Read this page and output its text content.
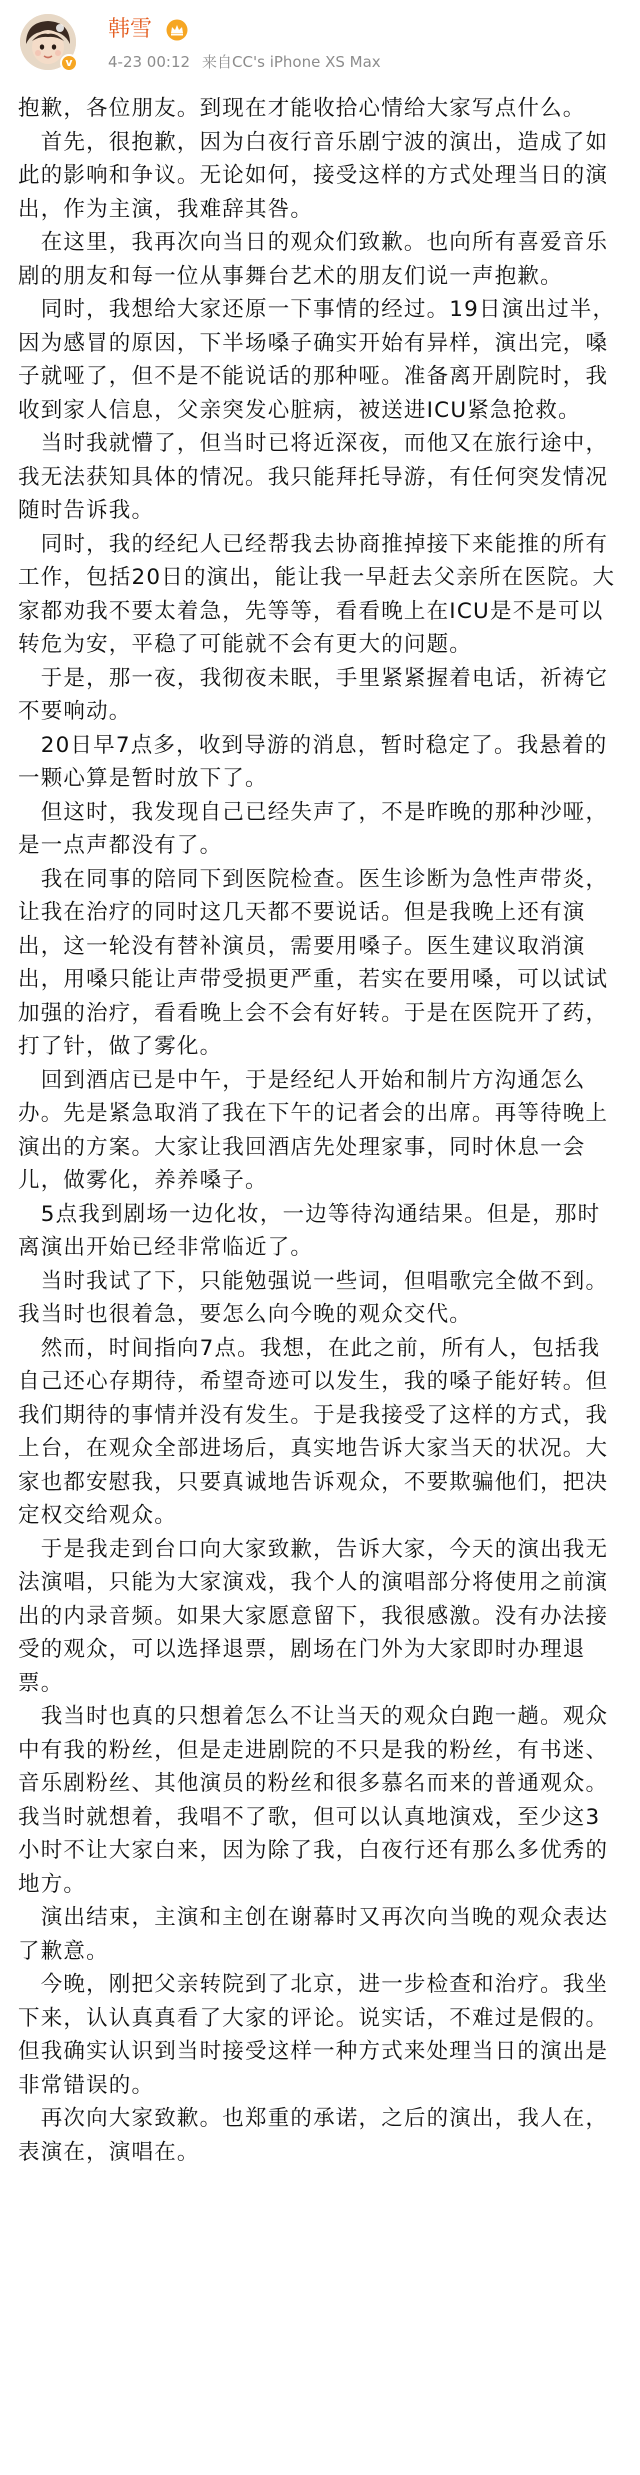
v
韩雪
4-23 00:12 来自CC's iPhone XS Max

抱歉，各位朋友。到现在才能收拾心情给大家写点什么。

　首先，很抱歉，因为白夜行音乐剧宁波的演出，造成了如此的影响和争议。无论如何，接受这样的方式处理当日的演出，作为主演，我难辞其咎。

　在这里，我再次向当日的观众们致歉。也向所有喜爱音乐剧的朋友和每一位从事舞台艺术的朋友们说一声抱歉。

　同时，我想给大家还原一下事情的经过。19日演出过半，因为感冒的原因，下半场嗓子确实开始有异样，演出完，嗓子就哑了，但不是不能说话的那种哑。准备离开剧院时，我收到家人信息，父亲突发心脏病，被送进ICU紧急抢救。

　当时我就懵了，但当时已将近深夜，而他又在旅行途中，我无法获知具体的情况。我只能拜托导游，有任何突发情况随时告诉我。

　同时，我的经纪人已经帮我去协商推掉接下来能推的所有工作，包括20日的演出，能让我一早赶去父亲所在医院。大家都劝我不要太着急，先等等，看看晚上在ICU是不是可以转危为安，平稳了可能就不会有更大的问题。

　于是，那一夜，我彻夜未眠，手里紧紧握着电话，祈祷它不要响动。

　20日早7点多，收到导游的消息，暂时稳定了。我悬着的一颗心算是暂时放下了。

　但这时，我发现自己已经失声了，不是昨晚的那种沙哑，是一点声都没有了。

　我在同事的陪同下到医院检查。医生诊断为急性声带炎，让我在治疗的同时这几天都不要说话。但是我晚上还有演出，这一轮没有替补演员，需要用嗓子。医生建议取消演出，用嗓只能让声带受损更严重，若实在要用嗓，可以试试加强的治疗，看看晚上会不会有好转。于是在医院开了药，打了针，做了雾化。

　回到酒店已是中午，于是经纪人开始和制片方沟通怎么办。先是紧急取消了我在下午的记者会的出席。再等待晚上演出的方案。大家让我回酒店先处理家事，同时休息一会儿，做雾化，养养嗓子。

　5点我到剧场一边化妆，一边等待沟通结果。但是，那时离演出开始已经非常临近了。

　当时我试了下，只能勉强说一些词，但唱歌完全做不到。我当时也很着急，要怎么向今晚的观众交代。

　然而，时间指向7点。我想，在此之前，所有人，包括我自己还心存期待，希望奇迹可以发生，我的嗓子能好转。但我们期待的事情并没有发生。于是我接受了这样的方式，我上台，在观众全部进场后，真实地告诉大家当天的状况。大家也都安慰我，只要真诚地告诉观众，不要欺骗他们，把决定权交给观众。

　于是我走到台口向大家致歉，告诉大家，今天的演出我无法演唱，只能为大家演戏，我个人的演唱部分将使用之前演出的内录音频。如果大家愿意留下，我很感激。没有办法接受的观众，可以选择退票，剧场在门外为大家即时办理退票。

　我当时也真的只想着怎么不让当天的观众白跑一趟。观众中有我的粉丝，但是走进剧院的不只是我的粉丝，有书迷、音乐剧粉丝、其他演员的粉丝和很多慕名而来的普通观众。我当时就想着，我唱不了歌，但可以认真地演戏，至少这3小时不让大家白来，因为除了我，白夜行还有那么多优秀的地方。

　演出结束，主演和主创在谢幕时又再次向当晚的观众表达了歉意。

　今晚，刚把父亲转院到了北京，进一步检查和治疗。我坐下来，认认真真看了大家的评论。说实话，不难过是假的。但我确实认识到当时接受这样一种方式来处理当日的演出是非常错误的。

　再次向大家致歉。也郑重的承诺，之后的演出，我人在，表演在，演唱在。
